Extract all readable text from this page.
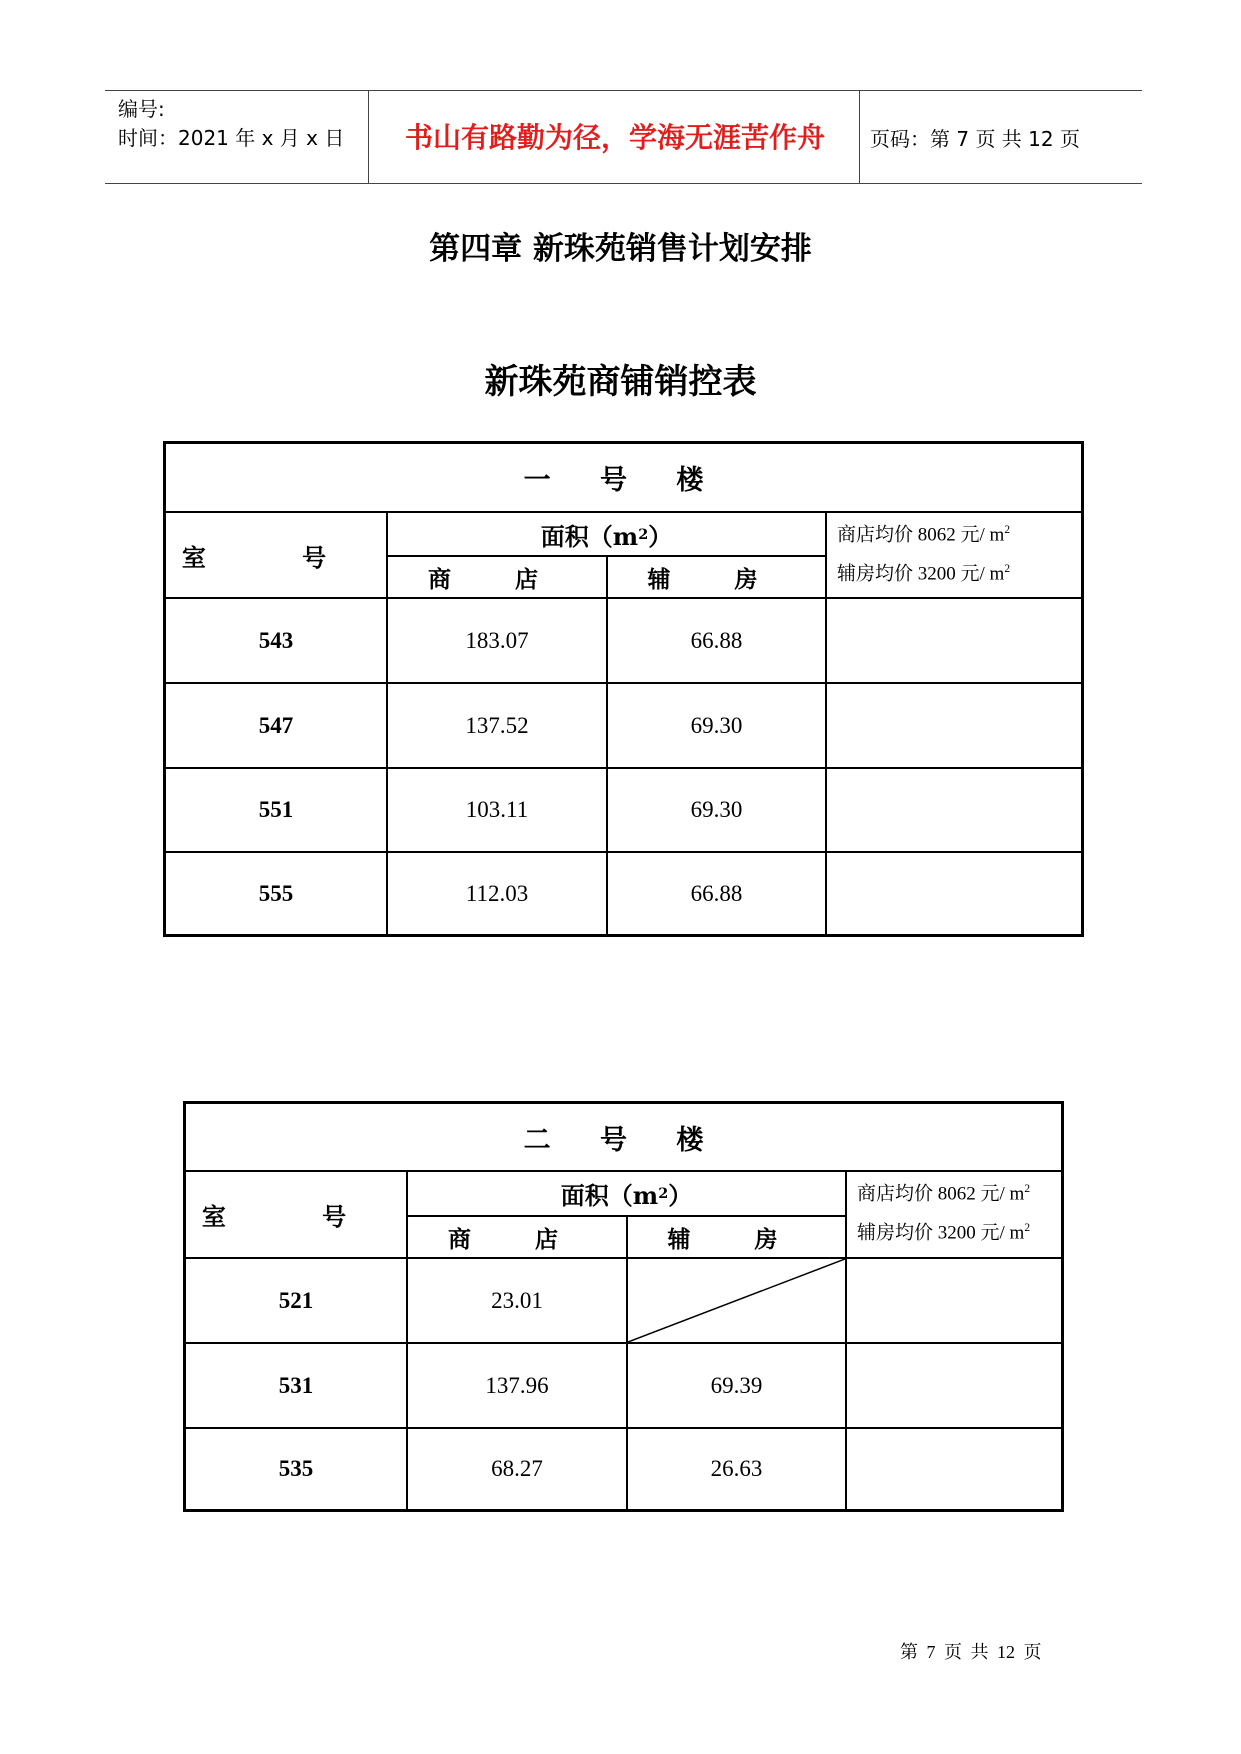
编号:
时间：2021 年 x 月 x 日	书山有路勤为径，学海无涯苦作舟	页码：第 7 页 共 12 页
第四章 新珠苑销售计划安排
新珠苑商铺销控表
一 号 楼
室 号
面积（m 2 ）
商 店	辅 房
商店均价 8062 元/ $m^2$
辅房均价 3200 元/ $m^2$
543	183.07	66.88
547	137.52	69.30
551	103.11	69.30
555	112.03	66.88
二 号 楼
室 号
面积（m 2 ）
商 店	辅 房
商店均价 8062 元/ $m^2$
辅房均价 3200 元/ $m^2$
521	23.01
531	137.96	69.39
535	68.27	26.63
第 7 页 共 12 页
